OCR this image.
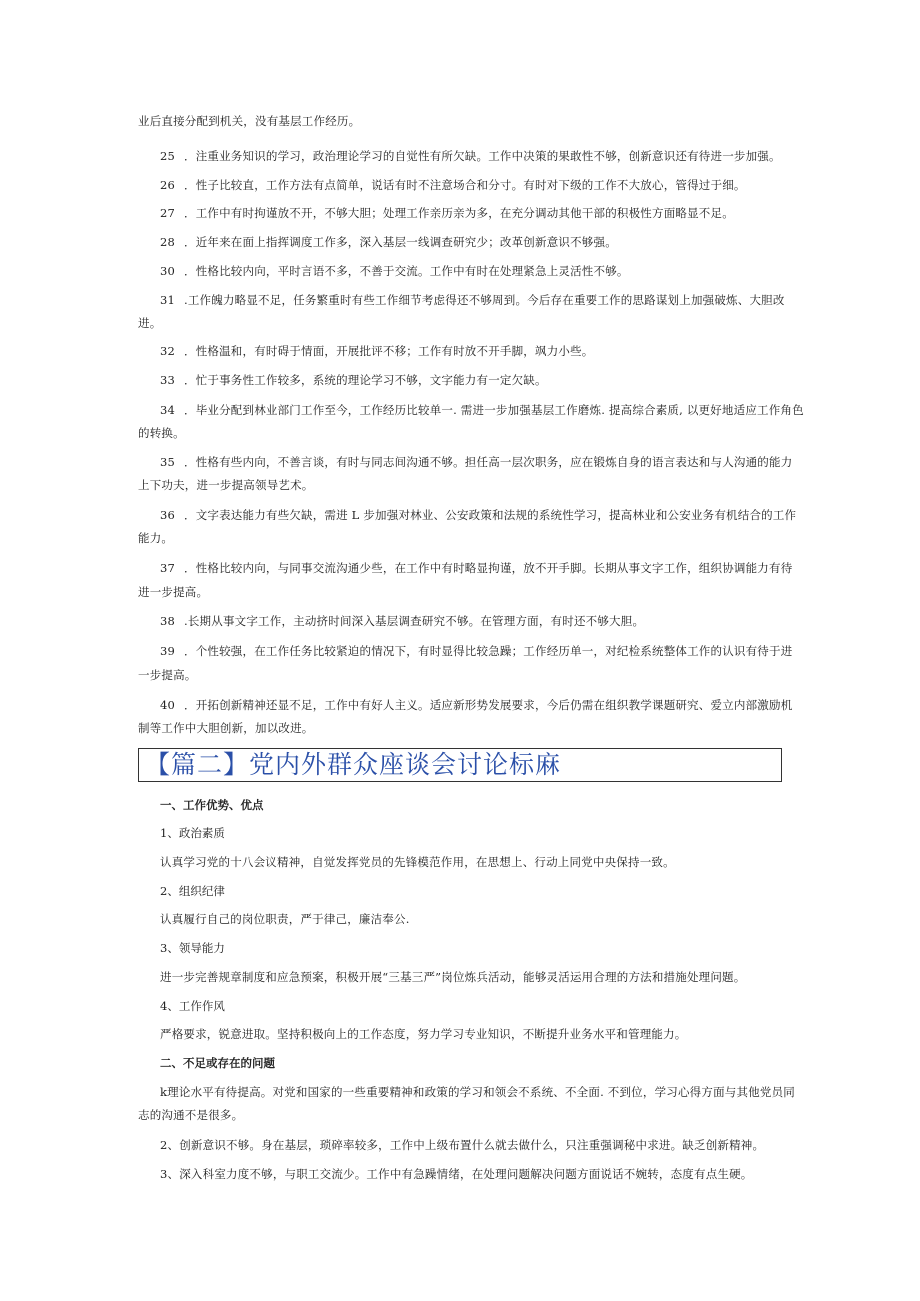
业后直接分配到机关，没有基层工作经历。
25 ．注重业务知识的学习，政治理论学习的自觉性有所欠缺。工作中决策的果敢性不够，创新意识还有待进一步加强。
26 ．性子比较直，工作方法有点简单，说话有时不注意场合和分寸。有时对下级的工作不大放心，管得过于细。
27 ．工作中有时拘谨放不开，不够大胆；处理工作亲历亲为多，在充分调动其他干部的积极性方面略显不足。
28 ．近年来在面上指挥调度工作多，深入基层一线调查研究少；改革创新意识不够强。
30 ．性格比较内向，平时言语不多，不善于交流。工作中有时在处理紧急上灵活性不够。
31 .工作魄力略显不足，任务繁重时有些工作细节考虑得还不够周到。今后存在重要工作的思路谋划上加强破炼、大胆改
进。
32 ．性格温和，有时碍于情面，开展批评不移；工作有时放不开手脚，飒力小些。
33 ．忙于事务性工作较多，系统的理论学习不够，文字能力有一定欠缺。
34 ．毕业分配到林业部门工作至今，工作经历比较单一. 需进一步加强基层工作磨炼. 提高综合素质, 以更好地适应工作角色
的转换。
35 ．性格有些内向，不善言谈，有时与同志间沟通不够。担任高一层次职务，应在锻炼自身的语言表达和与人沟通的能力
上下功夫，进一步提高领导艺术。
36 ．文字表达能力有些欠缺，需进 L 步加强对林业、公安政策和法规的系统性学习，提高林业和公安业务有机结合的工作
能力。
37 ．性格比较内向，与同事交流沟通少些，在工作中有时略显拘谨，放不开手脚。长期从事文字工作，组织协调能力有待
进一步提高。
38 .长期从事文字工作，主动挤时间深入基层调查研究不够。在管理方面，有时还不够大胆。
39 ．个性较强，在工作任务比较紧迫的情况下，有时显得比较急躁；工作经历单一，对纪检系统整体工作的认识有待于进
一步提高。
40 ．开拓创新精神还显不足，工作中有好人主义。适应新形势发展要求，今后仍需在组织教学课题研究、爱立内部激励机
制等工作中大胆创新，加以改进。
【篇二】党内外群众座谈会讨论标麻
一、工作优势、优点
1、政治素质
认真学习党的十八会议精神，自觉发挥党员的先锋模范作用，在思想上、行动上同党中央保持一致。
2、组织纪律
认真履行自己的岗位职责，严于律己，廉洁奉公.
3、领导能力
进一步完善规章制度和应急预案，积极开展“三基三严”岗位炼兵活动，能够灵活运用合理的方法和措施处理问题。
4、工作作风
严格要求，锐意进取。坚持积极向上的工作态度，努力学习专业知识，不断提升业务水平和管理能力。
二、不足或存在的问题
k理论水平有待提高。对党和国家的一些重要精神和政策的学习和领会不系统、不全面. 不到位，学习心得方面与其他党员同
志的沟通不是很多。
2、创新意识不够。身在基层，琐碎率较多，工作中上级布置什么就去做什么，只注重强调秘中求进。缺乏创新精神。
3、深入科室力度不够，与职工交流少。工作中有急躁情绪，在处理问题解决问题方面说话不婉转，态度有点生硬。
